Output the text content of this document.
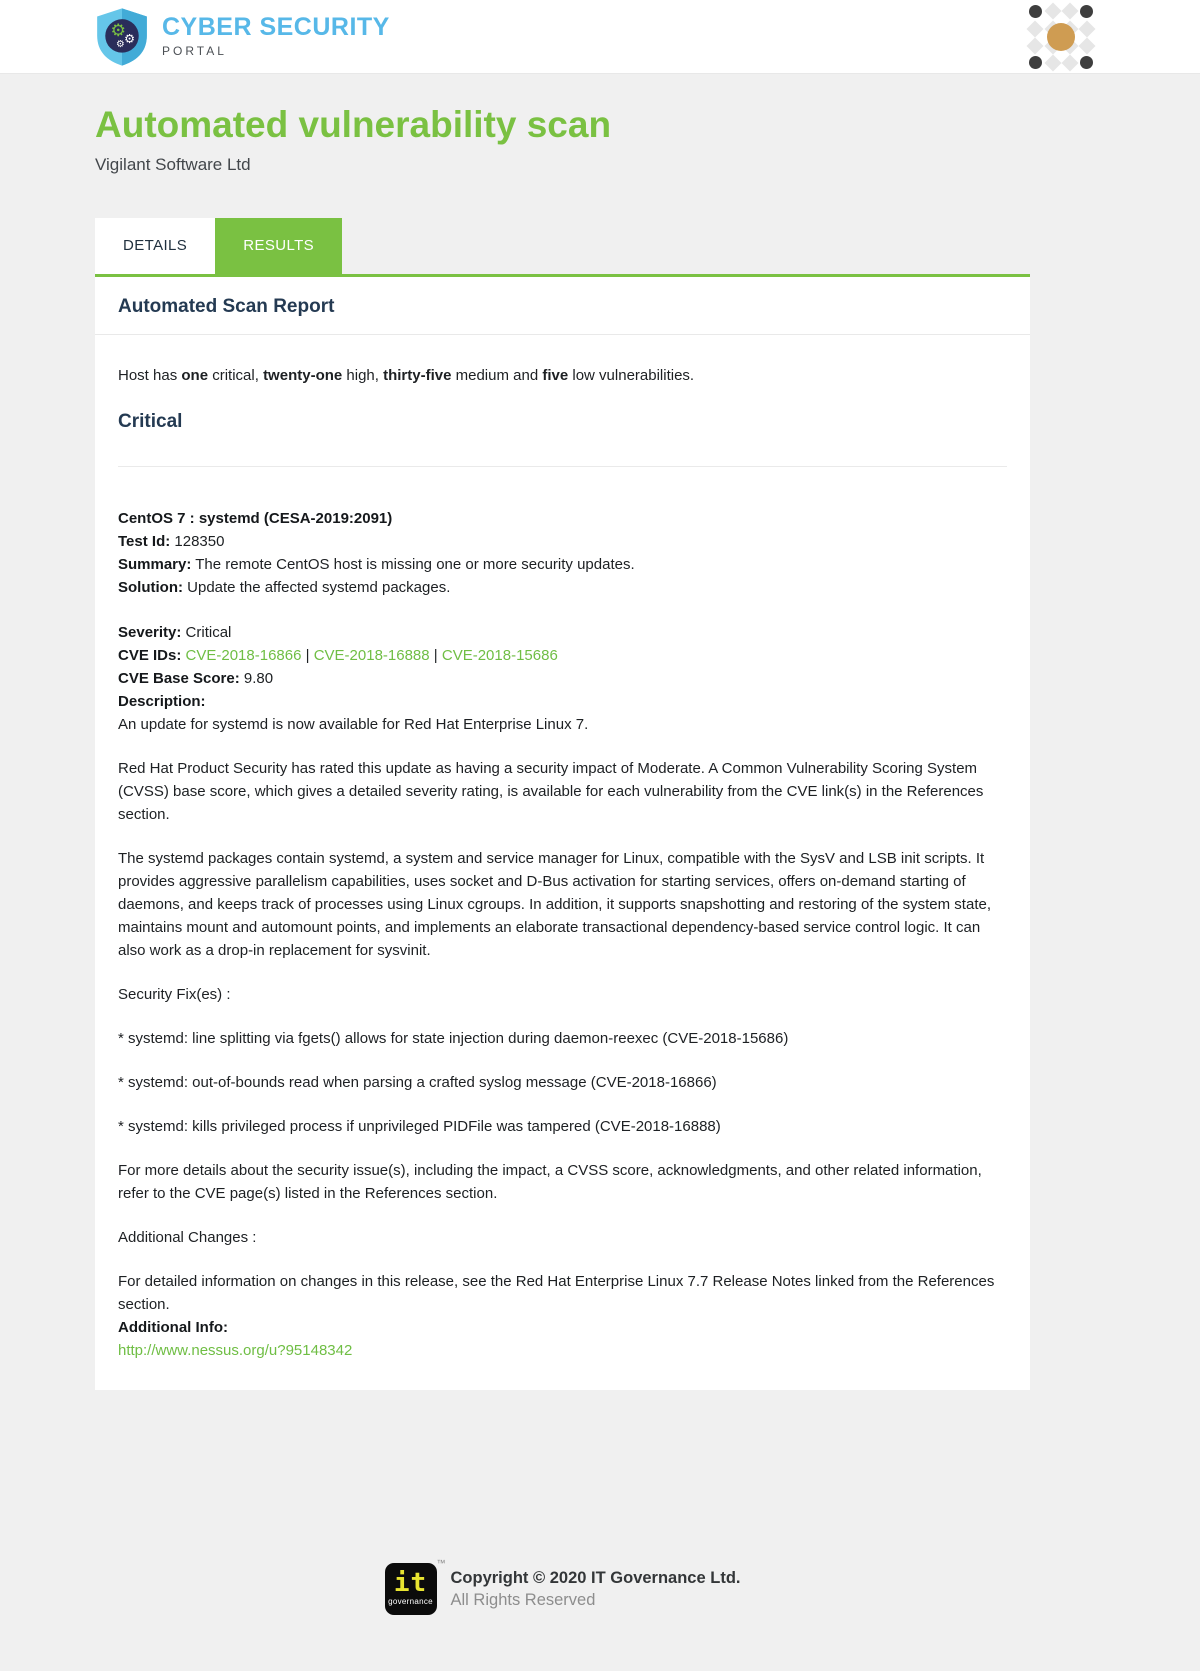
⚙
⚙ ⚙ CYBER SECURITY
PORTAL
Automated vulnerability scan
Vigilant Software Ltd
DETAILS	RESULTS
Automated Scan Report

Host has one critical, twenty-one high, thirty-five medium and five low vulnerabilities.

Critical

CentOS 7 : systemd (CESA-2019:2091)

Test Id: 128350

Summary: The remote CentOS host is missing one or more security updates.

Solution: Update the affected systemd packages.

Severity: Critical

CVE IDs: CVE-2018-16866 | CVE-2018-16888 | CVE-2018-15686

CVE Base Score: 9.80

Description:

An update for systemd is now available for Red Hat Enterprise Linux 7.

Red Hat Product Security has rated this update as having a security impact of Moderate. A Common Vulnerability Scoring System (CVSS) base score, which gives a detailed severity rating, is available for each vulnerability from the CVE link(s) in the References section.

The systemd packages contain systemd, a system and service manager for Linux, compatible with the SysV and LSB init scripts. It provides aggressive parallelism capabilities, uses socket and D-Bus activation for starting services, offers on-demand starting of daemons, and keeps track of processes using Linux cgroups. In addition, it supports snapshotting and restoring of the system state, maintains mount and automount points, and implements an elaborate transactional dependency-based service control logic. It can also work as a drop-in replacement for sysvinit.

Security Fix(es) :

* systemd: line splitting via fgets() allows for state injection during daemon-reexec (CVE-2018-15686)

* systemd: out-of-bounds read when parsing a crafted syslog message (CVE-2018-16866)

* systemd: kills privileged process if unprivileged PIDFile was tampered (CVE-2018-16888)

For more details about the security issue(s), including the impact, a CVSS score, acknowledgments, and other related information, refer to the CVE page(s) listed in the References section.

Additional Changes :

For detailed information on changes in this release, see the Red Hat Enterprise Linux 7.7 Release Notes linked from the References section.

Additional Info:

http://www.nessus.org/u?95148342

it
governance
™
Copyright © 2020 IT Governance Ltd.
All Rights Reserved
